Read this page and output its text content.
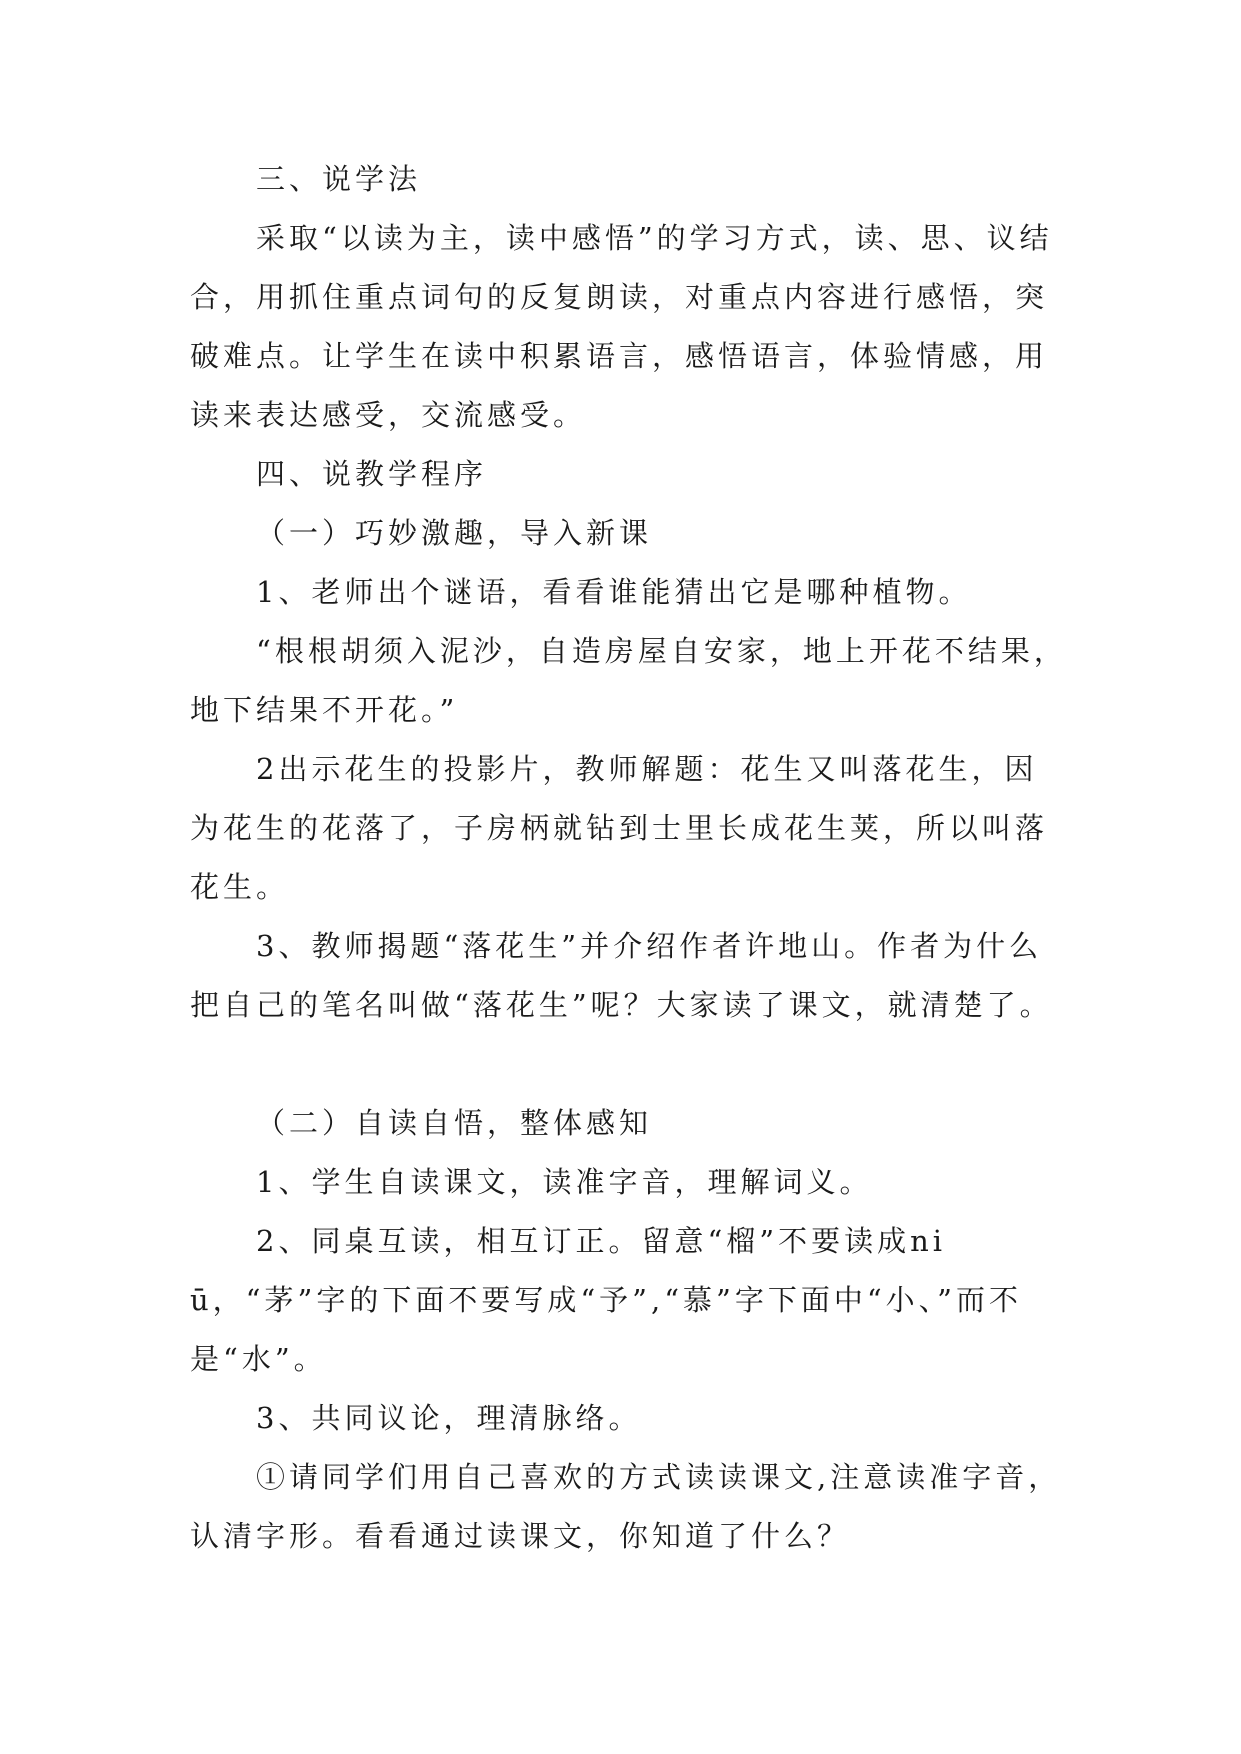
三、说学法

采取“以读为主，读中感悟”的学习方式，读、思、议结合，用抓住重点词句的反复朗读，对重点内容进行感悟，突破难点。让学生在读中积累语言，感悟语言，体验情感，用读来表达感受，交流感受。

四、说教学程序

（一）巧妙激趣，导入新课

1、老师出个谜语，看看谁能猜出它是哪种植物。

“根根胡须入泥沙，自造房屋自安家，地上开花不结果，地下结果不开花。”

2出示花生的投影片，教师解题：花生又叫落花生，因为花生的花落了，子房柄就钻到士里长成花生荚，所以叫落花生。

3、教师揭题“落花生”并介绍作者许地山。作者为什么把自己的笔名叫做“落花生”呢？大家读了课文，就清楚了。

（二）自读自悟，整体感知

1、学生自读课文，读准字音，理解词义。

2、同桌互读，相互订正。留意“榴”不要读成niū，“茅”字的下面不要写成“予”,“慕”字下面中“小、”而不是“水”。

3、共同议论，理清脉络。

①请同学们用自己喜欢的方式读读课文,注意读准字音，认清字形。看看通过读课文，你知道了什么？
